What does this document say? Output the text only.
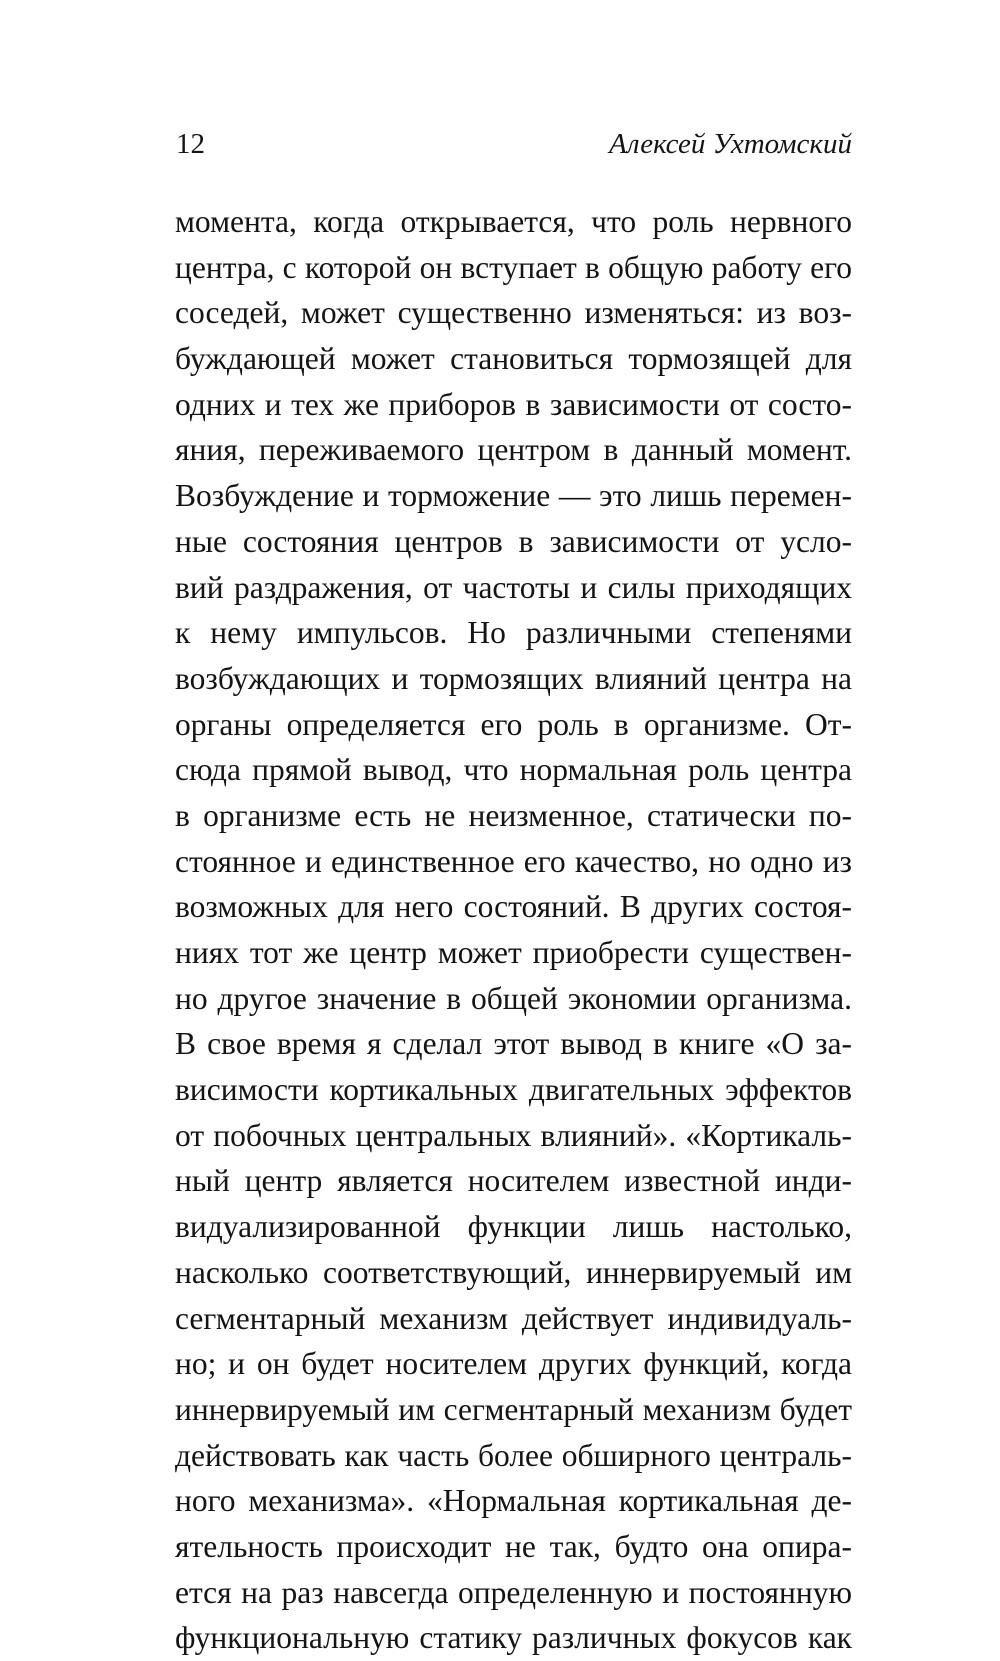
12	Алексей Ухтомский
момента, когда открывается, что роль нервного
центра, с которой он вступает в общую работу его
соседей, может существенно изменяться: из воз-
буждающей может становиться тормозящей для
одних и тех же приборов в зависимости от состо-
яния, переживаемого центром в данный момент.
Возбуждение и торможение — это лишь перемен-
ные состояния центров в зависимости от усло-
вий раздражения, от частоты и силы приходящих
к нему импульсов. Но различными степенями
возбуждающих и тормозящих влияний центра на
органы определяется его роль в организме. От-
сюда прямой вывод, что нормальная роль центра
в организме есть не неизменное, статически по-
стоянное и единственное его качество, но одно из
возможных для него состояний. В других состоя-
ниях тот же центр может приобрести существен-
но другое значение в общей экономии организма.
В свое время я сделал этот вывод в книге «О за-
висимости кортикальных двигательных эффектов
от побочных центральных влияний». «Кортикаль-
ный центр является носителем известной инди-
видуализированной функции лишь настолько,
насколько соответствующий, иннервируемый им
сегментарный механизм действует индивидуаль-
но; и он будет носителем других функций, когда
иннервируемый им сегментарный механизм будет
действовать как часть более обширного централь-
ного механизма». «Нормальная кортикальная де-
ятельность происходит не так, будто она опира-
ется на раз навсегда определенную и постоянную
функциональную статику различных фокусов как
